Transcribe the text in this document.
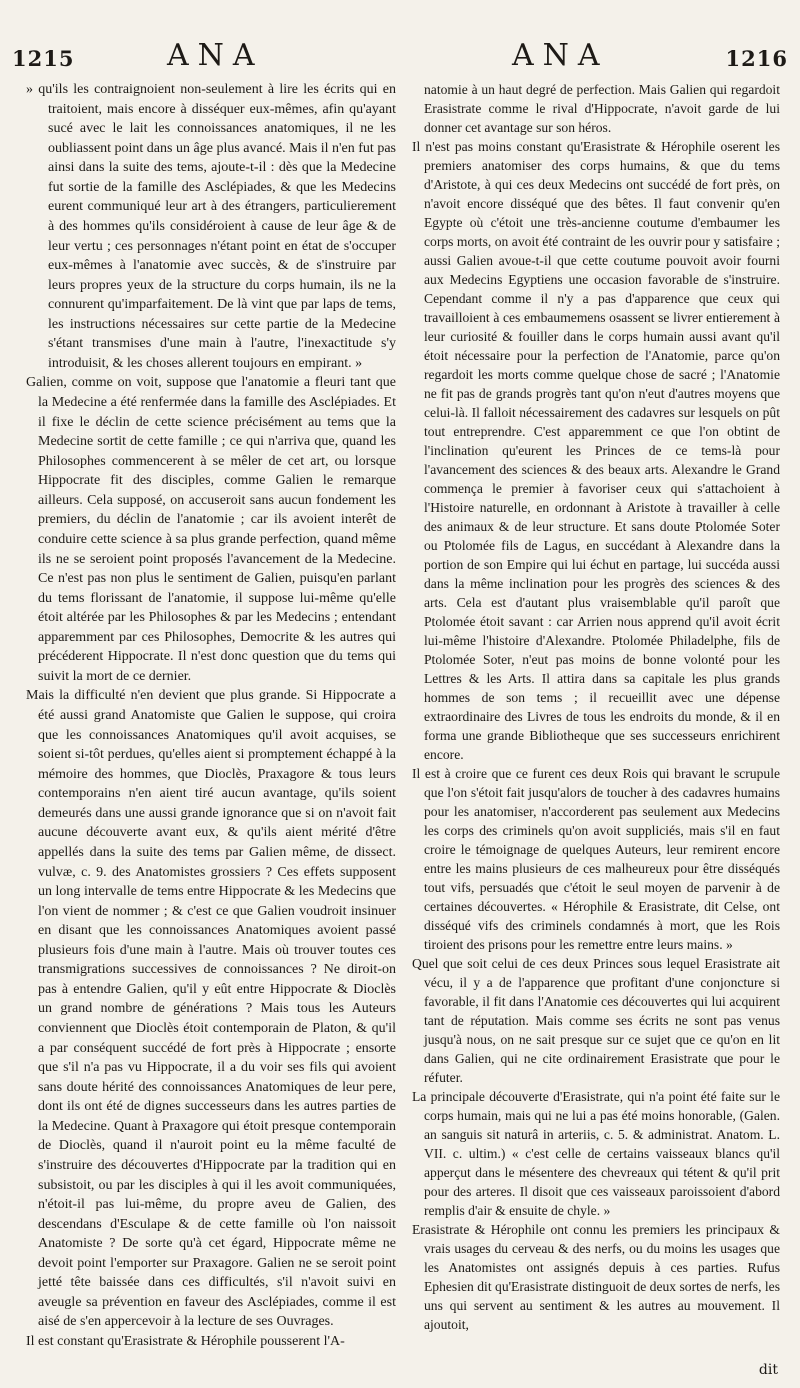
1215	ANA	ANA	1216

» qu'ils les contraignoient non-seulement à lire les écrits qui en traitoient, mais encore à disséquer eux-mêmes, afin qu'ayant sucé avec le lait les connoissances anatomiques, il ne les oubliassent point dans un âge plus avancé. Mais il n'en fut pas ainsi dans la suite des tems, ajoute-t-il : dès que la Medecine fut sortie de la famille des Asclépiades, & que les Medecins eurent communiqué leur art à des étrangers, particulierement à des hommes qu'ils considéroient à cause de leur âge & de leur vertu ; ces personnages n'étant point en état de s'occuper eux-mêmes à l'anatomie avec succès, & de s'instruire par leurs propres yeux de la structure du corps humain, ils ne la connurent qu'imparfaitement. De là vint que par laps de tems, les instructions nécessaires sur cette partie de la Medecine s'étant transmises d'une main à l'autre, l'inexactitude s'y introduisit, & les choses allerent toujours en empirant. »

Galien, comme on voit, suppose que l'anatomie a fleuri tant que la Medecine a été renfermée dans la famille des Asclépiades. Et il fixe le déclin de cette science précisément au tems que la Medecine sortit de cette famille ; ce qui n'arriva que, quand les Philosophes commencerent à se mêler de cet art, ou lorsque Hippocrate fit des disciples, comme Galien le remarque ailleurs. Cela supposé, on accuseroit sans aucun fondement les premiers, du déclin de l'anatomie ; car ils avoient interêt de conduire cette science à sa plus grande perfection, quand même ils ne se seroient point proposés l'avancement de la Medecine. Ce n'est pas non plus le sentiment de Galien, puisqu'en parlant du tems florissant de l'anatomie, il suppose lui-même qu'elle étoit altérée par les Philosophes & par les Medecins ; entendant apparemment par ces Philosophes, Democrite & les autres qui précéderent Hippocrate. Il n'est donc question que du tems qui suivit la mort de ce dernier.

Mais la difficulté n'en devient que plus grande. Si Hippocrate a été aussi grand Anatomiste que Galien le suppose, qui croira que les connoissances Anatomiques qu'il avoit acquises, se soient si-tôt perdues, qu'elles aient si promptement échappé à la mémoire des hommes, que Dioclès, Praxagore & tous leurs contemporains n'en aient tiré aucun avantage, qu'ils soient demeurés dans une aussi grande ignorance que si on n'avoit fait aucune découverte avant eux, & qu'ils aient mérité d'être appellés dans la suite des tems par Galien même, de dissect. vulvæ, c. 9. des Anatomistes grossiers ? Ces effets supposent un long intervalle de tems entre Hippocrate & les Medecins que l'on vient de nommer ; & c'est ce que Galien voudroit insinuer en disant que les connoissances Anatomiques avoient passé plusieurs fois d'une main à l'autre. Mais où trouver toutes ces transmigrations successives de connoissances ? Ne diroit-on pas à entendre Galien, qu'il y eût entre Hippocrate & Dioclès un grand nombre de générations ? Mais tous les Auteurs conviennent que Dioclès étoit contemporain de Platon, & qu'il a par conséquent succédé de fort près à Hippocrate ; ensorte que s'il n'a pas vu Hippocrate, il a du voir ses fils qui avoient sans doute hérité des connoissances Anatomiques de leur pere, dont ils ont été de dignes successeurs dans les autres parties de la Medecine. Quant à Praxagore qui étoit presque contemporain de Dioclès, quand il n'auroit point eu la même faculté de s'instruire des découvertes d'Hippocrate par la tradition qui en subsistoit, ou par les disciples à qui il les avoit communiquées, n'étoit-il pas lui-même, du propre aveu de Galien, des descendans d'Esculape & de cette famille où l'on naissoit Anatomiste ? De sorte qu'à cet égard, Hippocrate même ne devoit point l'emporter sur Praxagore. Galien ne se seroit point jetté tête baissée dans ces difficultés, s'il n'avoit suivi en aveugle sa prévention en faveur des Asclépiades, comme il est aisé de s'en appercevoir à la lecture de ses Ouvrages.

Il est constant qu'Erasistrate & Hérophile pousserent l'A-

natomie à un haut degré de perfection. Mais Galien qui regardoit Erasistrate comme le rival d'Hippocrate, n'avoit garde de lui donner cet avantage sur son héros.

Il n'est pas moins constant qu'Erasistrate & Hérophile oserent les premiers anatomiser des corps humains, & que du tems d'Aristote, à qui ces deux Medecins ont succédé de fort près, on n'avoit encore disséqué que des bêtes. Il faut convenir qu'en Egypte où c'étoit une très-ancienne coutume d'embaumer les corps morts, on avoit été contraint de les ouvrir pour y satisfaire ; aussi Galien avoue-t-il que cette coutume pouvoit avoir fourni aux Medecins Egyptiens une occasion favorable de s'instruire. Cependant comme il n'y a pas d'apparence que ceux qui travailloient à ces embaumemens osassent se livrer entierement à leur curiosité & fouiller dans le corps humain aussi avant qu'il étoit nécessaire pour la perfection de l'Anatomie, parce qu'on regardoit les morts comme quelque chose de sacré ; l'Anatomie ne fit pas de grands progrès tant qu'on n'eut d'autres moyens que celui-là. Il falloit nécessairement des cadavres sur lesquels on pût tout entreprendre. C'est apparemment ce que l'on obtint de l'inclination qu'eurent les Princes de ce tems-là pour l'avancement des sciences & des beaux arts. Alexandre le Grand commença le premier à favoriser ceux qui s'attachoient à l'Histoire naturelle, en ordonnant à Aristote à travailler à celle des animaux & de leur structure. Et sans doute Ptolomée Soter ou Ptolomée fils de Lagus, en succédant à Alexandre dans la portion de son Empire qui lui échut en partage, lui succéda aussi dans la même inclination pour les progrès des sciences & des arts. Cela est d'autant plus vraisemblable qu'il paroît que Ptolomée étoit savant : car Arrien nous apprend qu'il avoit écrit lui-même l'histoire d'Alexandre. Ptolomée Philadelphe, fils de Ptolomée Soter, n'eut pas moins de bonne volonté pour les Lettres & les Arts. Il attira dans sa capitale les plus grands hommes de son tems ; il recueillit avec une dépense extraordinaire des Livres de tous les endroits du monde, & il en forma une grande Bibliotheque que ses successeurs enrichirent encore.

Il est à croire que ce furent ces deux Rois qui bravant le scrupule que l'on s'étoit fait jusqu'alors de toucher à des cadavres humains pour les anatomiser, n'accorderent pas seulement aux Medecins les corps des criminels qu'on avoit suppliciés, mais s'il en faut croire le témoignage de quelques Auteurs, leur remirent encore entre les mains plusieurs de ces malheureux pour être disséqués tout vifs, persuadés que c'étoit le seul moyen de parvenir à de certaines découvertes. « Hérophile & Erasistrate, dit Celse, ont disséqué vifs des criminels condamnés à mort, que les Rois tiroient des prisons pour les remettre entre leurs mains. »

Quel que soit celui de ces deux Princes sous lequel Erasistrate ait vécu, il y a de l'apparence que profitant d'une conjoncture si favorable, il fit dans l'Anatomie ces découvertes qui lui acquirent tant de réputation. Mais comme ses écrits ne sont pas venus jusqu'à nous, on ne sait presque sur ce sujet que ce qu'on en lit dans Galien, qui ne cite ordinairement Erasistrate que pour le réfuter.

La principale découverte d'Erasistrate, qui n'a point été faite sur le corps humain, mais qui ne lui a pas été moins honorable, (Galen. an sanguis sit naturâ in arteriis, c. 5. & administrat. Anatom. L. VII. c. ultim.) « c'est celle de certains vaisseaux blancs qu'il apperçut dans le mésentere des chevreaux qui tétent & qu'il prit pour des arteres. Il disoit que ces vaisseaux paroissoient d'abord remplis d'air & ensuite de chyle. »

Erasistrate & Hérophile ont connu les premiers les principaux & vrais usages du cerveau & des nerfs, ou du moins les usages que les Anatomistes ont assignés depuis à ces parties. Rufus Ephesien dit qu'Erasistrate distinguoit de deux sortes de nerfs, les uns qui servent au sentiment & les autres au mouvement. Il ajoutoit,

dit
